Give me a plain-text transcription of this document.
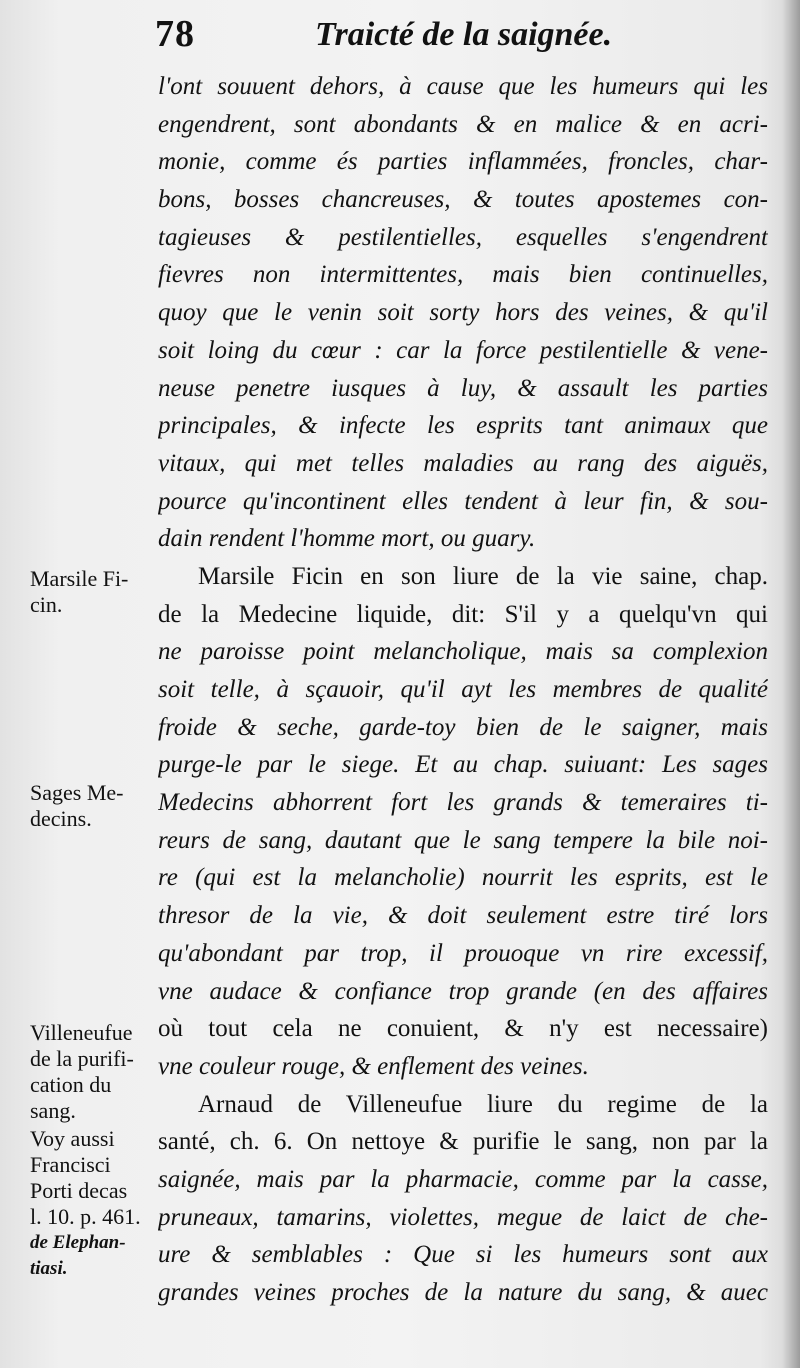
78	Traicté de la saignée.
l'ont souuent dehors, à cause que les humeurs qui les
engendrent, sont abondants & en malice & en acri-
monie, comme és parties inflammées, froncles, char-
bons, bosses chancreuses, & toutes apostemes con-
tagieuses & pestilentielles, esquelles s'engendrent
fievres non intermittentes, mais bien continuelles,
quoy que le venin soit sorty hors des veines, & qu'il
soit loing du cœur : car la force pestilentielle & vene-
neuse penetre iusques à luy, & assault les parties
principales, & infecte les esprits tant animaux que
vitaux, qui met telles maladies au rang des aiguës,
pource qu'incontinent elles tendent à leur fin, & sou-
dain rendent l'homme mort, ou guary.
Marsile Ficin en son liure de la vie saine, chap.
de la Medecine liquide, dit: S'il y a quelqu'vn qui
ne paroisse point melancholique, mais sa complexion
soit telle, à sçauoir, qu'il ayt les membres de qualité
froide & seche, garde-toy bien de le saigner, mais
purge-le par le siege. Et au chap. suiuant: Les sages
Medecins abhorrent fort les grands & temeraires ti-
reurs de sang, dautant que le sang tempere la bile noi-
re (qui est la melancholie) nourrit les esprits, est le
thresor de la vie, & doit seulement estre tiré lors
qu'abondant par trop, il prouoque vn rire excessif,
vne audace & confiance trop grande (en des affaires
où tout cela ne conuient, & n'y est necessaire)
vne couleur rouge, & enflement des veines.
Arnaud de Villeneufue liure du regime de la
santé, ch. 6. On nettoye & purifie le sang, non par la
saignée, mais par la pharmacie, comme par la casse,
pruneaux, tamarins, violettes, megue de laict de che-
ure & semblables : Que si les humeurs sont aux
grandes veines proches de la nature du sang, & auec
Marsile Fi-
cin.
Sages Me-
decins.
Villeneufue
de la purifi-
cation du
sang.
Voy aussi
Francisci
Porti decas
l. 10. p. 461.
de Elephan-
tiasi.
